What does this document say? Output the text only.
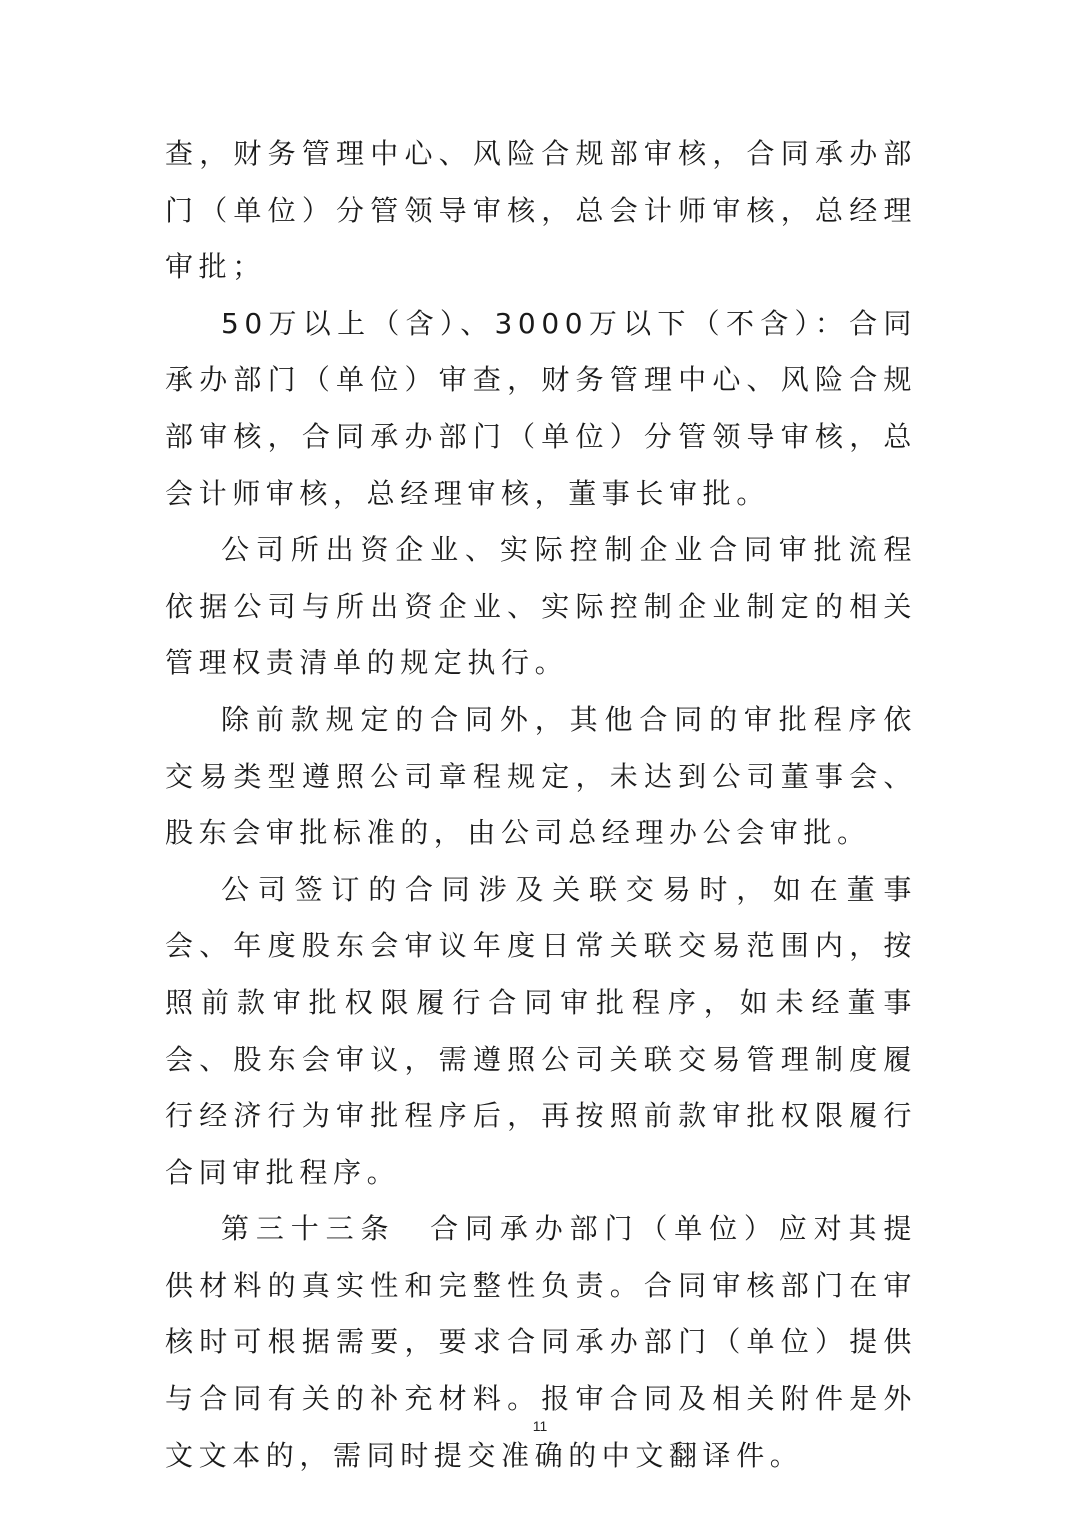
查，财务管理中心、风险合规部审核，合同承办部门（单位）分管领导审核，总会计师审核，总经理审批；

50万以上（含）、3000万以下（不含）：合同承办部门（单位）审查，财务管理中心、风险合规部审核，合同承办部门（单位）分管领导审核，总会计师审核，总经理审核，董事长审批。

公司所出资企业、实际控制企业合同审批流程依据公司与所出资企业、实际控制企业制定的相关管理权责清单的规定执行。

除前款规定的合同外，其他合同的审批程序依交易类型遵照公司章程规定，未达到公司董事会、股东会审批标准的，由公司总经理办公会审批。

公司签订的合同涉及关联交易时，如在董事会、年度股东会审议年度日常关联交易范围内，按照前款审批权限履行合同审批程序，如未经董事会、股东会审议，需遵照公司关联交易管理制度履行经济行为审批程序后，再按照前款审批权限履行合同审批程序。

第三十三条　合同承办部门（单位）应对其提供材料的真实性和完整性负责。合同审核部门在审核时可根据需要，要求合同承办部门（单位）提供与合同有关的补充材料。报审合同及相关附件是外文文本的，需同时提交准确的中文翻译件。

11
